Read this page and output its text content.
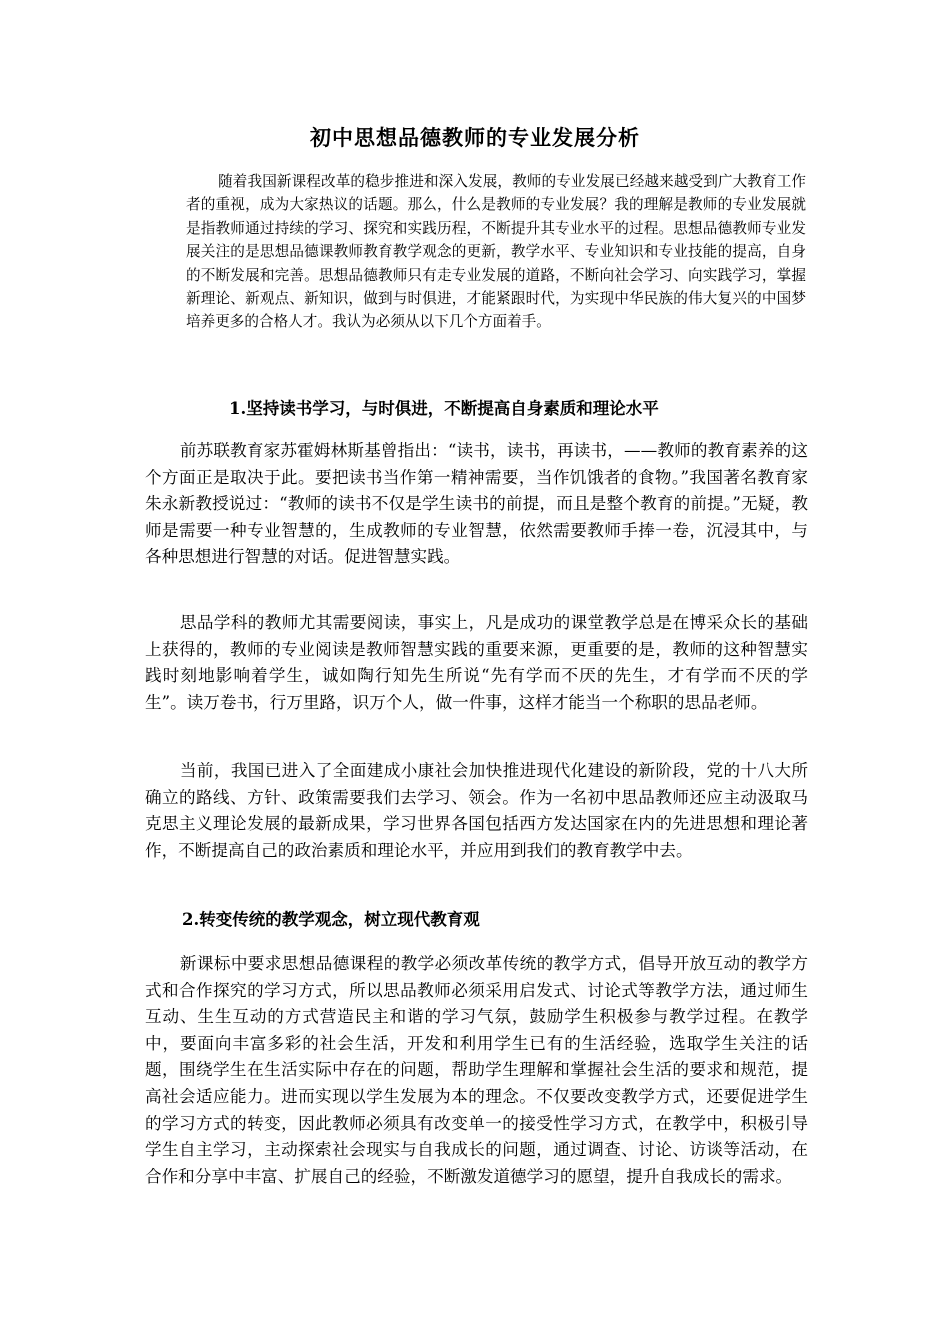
初中思想品德教师的专业发展分析

随着我国新课程改革的稳步推进和深入发展，教师的专业发展已经越来越受到广大教育工作者的重视，成为大家热议的话题。那么，什么是教师的专业发展？我的理解是教师的专业发展就是指教师通过持续的学习、探究和实践历程，不断提升其专业水平的过程。思想品德教师专业发展关注的是思想品德课教师教育教学观念的更新，教学水平、专业知识和专业技能的提高，自身的不断发展和完善。思想品德教师只有走专业发展的道路，不断向社会学习、向实践学习，掌握新理论、新观点、新知识，做到与时俱进，才能紧跟时代，为实现中华民族的伟大复兴的中国梦培养更多的合格人才。我认为必须从以下几个方面着手。

1.坚持读书学习，与时俱进，不断提高自身素质和理论水平

前苏联教育家苏霍姆林斯基曾指出：“读书，读书，再读书，——教师的教育素养的这个方面正是取决于此。要把读书当作第一精神需要，当作饥饿者的食物。”我国著名教育家朱永新教授说过：“教师的读书不仅是学生读书的前提，而且是整个教育的前提。”无疑，教师是需要一种专业智慧的，生成教师的专业智慧，依然需要教师手捧一卷，沉浸其中，与各种思想进行智慧的对话。促进智慧实践。

思品学科的教师尤其需要阅读，事实上，凡是成功的课堂教学总是在博采众长的基础上获得的，教师的专业阅读是教师智慧实践的重要来源，更重要的是，教师的这种智慧实践时刻地影响着学生，诚如陶行知先生所说“先有学而不厌的先生，才有学而不厌的学生”。读万卷书，行万里路，识万个人，做一件事，这样才能当一个称职的思品老师。

当前，我国已进入了全面建成小康社会加快推进现代化建设的新阶段，党的十八大所确立的路线、方针、政策需要我们去学习、领会。作为一名初中思品教师还应主动汲取马克思主义理论发展的最新成果，学习世界各国包括西方发达国家在内的先进思想和理论著作，不断提高自己的政治素质和理论水平，并应用到我们的教育教学中去。

2.转变传统的教学观念，树立现代教育观

新课标中要求思想品德课程的教学必须改革传统的教学方式，倡导开放互动的教学方式和合作探究的学习方式，所以思品教师必须采用启发式、讨论式等教学方法，通过师生互动、生生互动的方式营造民主和谐的学习气氛，鼓励学生积极参与教学过程。在教学中，要面向丰富多彩的社会生活，开发和利用学生已有的生活经验，选取学生关注的话题，围绕学生在生活实际中存在的问题，帮助学生理解和掌握社会生活的要求和规范，提高社会适应能力。进而实现以学生发展为本的理念。不仅要改变教学方式，还要促进学生的学习方式的转变，因此教师必须具有改变单一的接受性学习方式，在教学中，积极引导学生自主学习，主动探索社会现实与自我成长的问题，通过调查、讨论、访谈等活动，在合作和分享中丰富、扩展自己的经验，不断激发道德学习的愿望，提升自我成长的需求。
